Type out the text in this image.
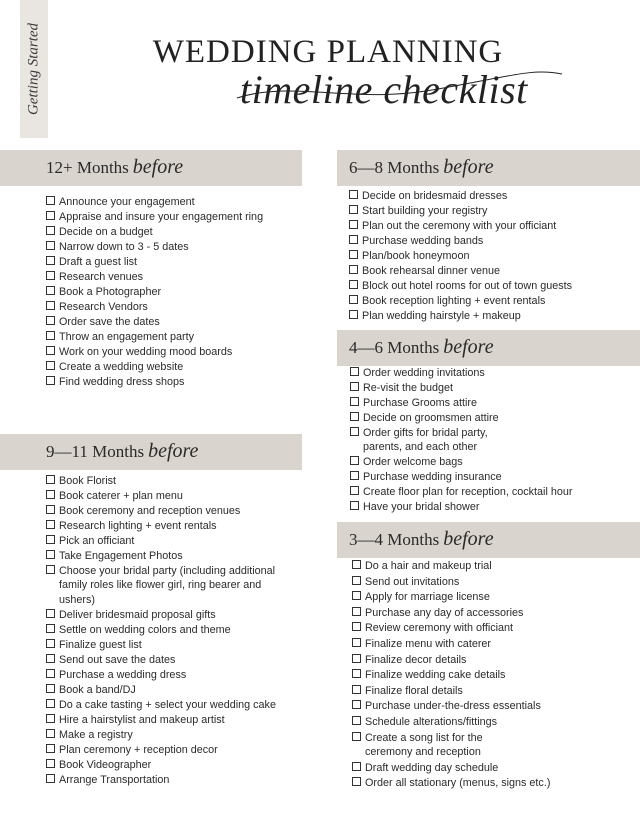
Getting Started	WEDDING PLANNING
timeline checklist
12+ Months before
Announce your engagement
Appraise and insure your engagement ring
Decide on a budget
Narrow down to 3 - 5 dates
Draft a guest list
Research venues
Book a Photographer
Research Vendors
Order save the dates
Throw an engagement party
Work on your wedding mood boards
Create a wedding website
Find wedding dress shops
9—11 Months before
Book Florist
Book caterer + plan menu
Book ceremony and reception venues
Research lighting + event rentals
Pick an officiant
Take Engagement Photos
Choose your bridal party (including additional
family roles like flower girl, ring bearer and
ushers)
Deliver bridesmaid proposal gifts
Settle on wedding colors and theme
Finalize guest list
Send out save the dates
Purchase a wedding dress
Book a band/DJ
Do a cake tasting + select your wedding cake
Hire a hairstylist and makeup artist
Make a registry
Plan ceremony + reception decor
Book Videographer
Arrange Transportation
6—8 Months before
Decide on bridesmaid dresses
Start building your registry
Plan out the ceremony with your officiant
Purchase wedding bands
Plan/book honeymoon
Book rehearsal dinner venue
Block out hotel rooms for out of town guests
Book reception lighting + event rentals
Plan wedding hairstyle + makeup
4—6 Months before
Order wedding invitations
Re-visit the budget
Purchase Grooms attire
Decide on groomsmen attire
Order gifts for bridal party,
parents, and each other
Order welcome bags
Purchase wedding insurance
Create floor plan for reception, cocktail hour
Have your bridal shower
3—4 Months before
Do a hair and makeup trial
Send out invitations
Apply for marriage license
Purchase any day of accessories
Review ceremony with officiant
Finalize menu with caterer
Finalize decor details
Finalize wedding cake details
Finalize floral details
Purchase under-the-dress essentials
Schedule alterations/fittings
Create a song list for the
ceremony and reception
Draft wedding day schedule
Order all stationary (menus, signs etc.)
